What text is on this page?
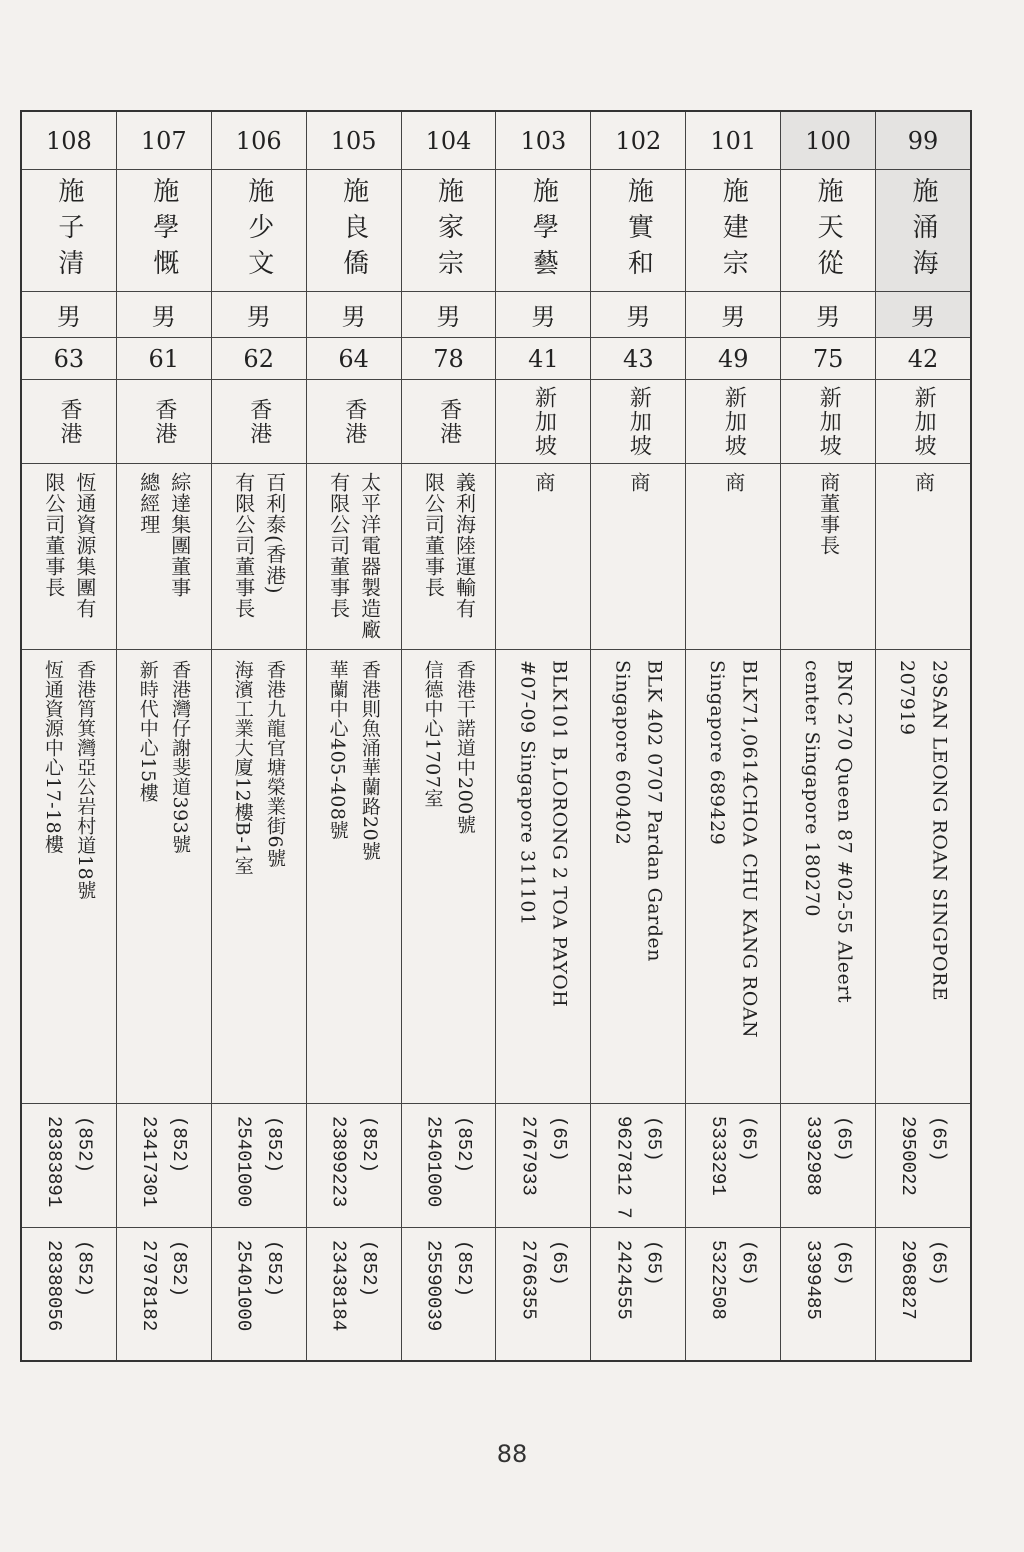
99
施涌海
男
42
新加坡
商
29SAN LEONG ROAN SINGPORE
207919
(65)
2950022
(65)
2968827
100
施天從
男
75
新加坡
商董事長
BNC 270 Queen 87 #02-55 Aleert
center Singapore 180270
(65)
3392988
(65)
3399485
101
施建宗
男
49
新加坡
商
BLK71,0614CHOA CHU KANG ROAN
Singapore 689429
(65)
5333291
(65)
5322508
102
施實和
男
43
新加坡
商
BLK 402 0707 Pardan Garden
Singapore 600402
(65)
9627812 7
(65)
2424555
103
施學藝
男
41
新加坡
商
BLK101 B,LORONG 2 TOA PAYOH
#07-09 Singapore 311101
(65)
2767933
(65)
2766355
104
施家宗
男
78
香港
義利海陸運輸有
限公司董事長
香港干諾道中200號
信德中心1707室
(852)
25401000
(852)
25590039
105
施良僑
男
64
香港
太平洋電器製造廠
有限公司董事長
香港則魚涌華蘭路20號
華蘭中心405-408號
(852)
23899223
(852)
23438184
106
施少文
男
62
香港
百利泰(香港)
有限公司董事長
香港九龍官塘榮業街6號
海濱工業大廈12樓B-1室
(852)
25401000
(852)
25401000
107
施學慨
男
61
香港
綜達集團董事
總經理
香港灣仔謝斐道393號
新時代中心15樓
(852)
23417301
(852)
27978182
108
施子清
男
63
香港
恆通資源集團有
限公司董事長
香港筲箕灣亞公岩村道18號
恆通資源中心17-18樓
(852)
28383891
(852)
28388056
88
